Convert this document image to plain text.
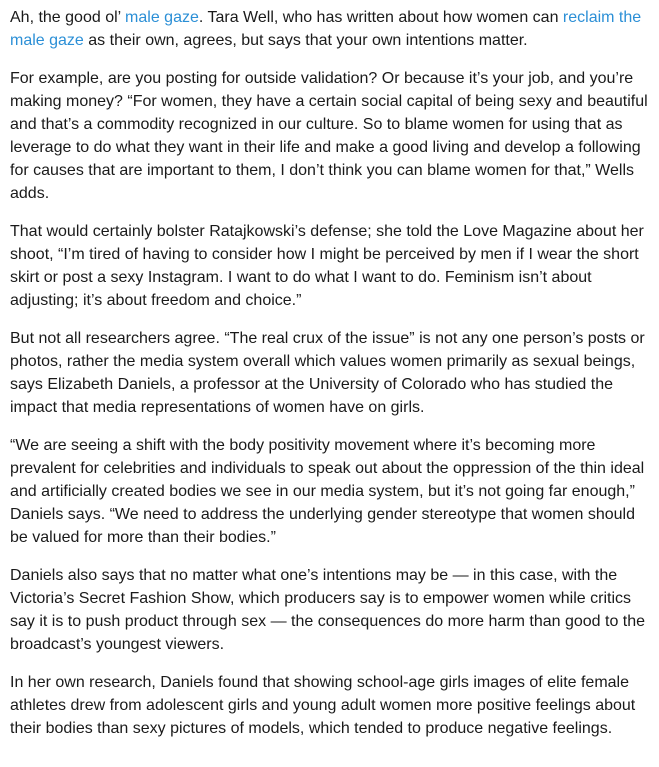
Ah, the good ol’ male gaze. Tara Well, who has written about how women can reclaim the male gaze as their own, agrees, but says that your own intentions matter.

For example, are you posting for outside validation? Or because it’s your job, and you’re making money? “For women, they have a certain social capital of being sexy and beautiful and that’s a commodity recognized in our culture. So to blame women for using that as leverage to do what they want in their life and make a good living and develop a following for causes that are important to them, I don’t think you can blame women for that,” Wells adds.

That would certainly bolster Ratajkowski’s defense; she told the Love Magazine about her shoot, “I’m tired of having to consider how I might be perceived by men if I wear the short skirt or post a sexy Instagram. I want to do what I want to do. Feminism isn’t about adjusting; it’s about freedom and choice.”

But not all researchers agree. “The real crux of the issue” is not any one person’s posts or photos, rather the media system overall which values women primarily as sexual beings, says Elizabeth Daniels, a professor at the University of Colorado who has studied the impact that media representations of women have on girls.

“We are seeing a shift with the body positivity movement where it’s becoming more prevalent for celebrities and individuals to speak out about the oppression of the thin ideal and artificially created bodies we see in our media system, but it’s not going far enough,” Daniels says. “We need to address the underlying gender stereotype that women should be valued for more than their bodies.”

Daniels also says that no matter what one’s intentions may be — in this case, with the Victoria’s Secret Fashion Show, which producers say is to empower women while critics say it is to push product through sex — the consequences do more harm than good to the broadcast’s youngest viewers.

In her own research, Daniels found that showing school-age girls images of elite female athletes drew from adolescent girls and young adult women more positive feelings about their bodies than sexy pictures of models, which tended to produce negative feelings.
